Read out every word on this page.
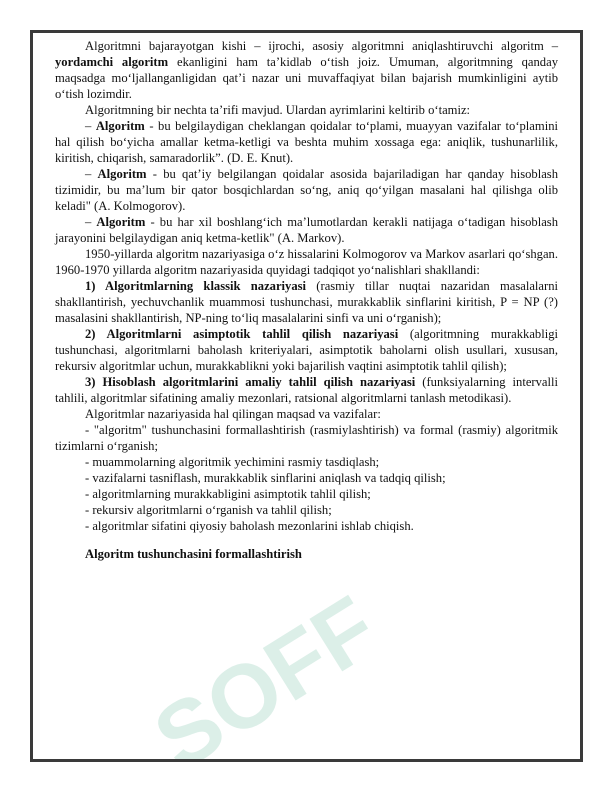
SOFF

Algoritmni bajarayotgan kishi – ijrochi, asosiy algoritmni aniqlashtiruvchi algoritm – yordamchi algoritm ekanligini ham ta’kidlab o‘tish joiz. Umuman, algoritmning qanday maqsadga mo‘ljallanganligidan qat’i nazar uni muvaffaqiyat bilan bajarish mumkinligini aytib o‘tish lozimdir.

Algoritmning bir nechta ta’rifi mavjud. Ulardan ayrimlarini keltirib o‘tamiz:

– Algoritm - bu belgilaydigan cheklangan qoidalar to‘plami, muayyan vazifalar to‘plamini hal qilish bo‘yicha amallar ketma-ketligi va beshta muhim xossaga ega: aniqlik, tushunarlilik, kiritish, chiqarish, samaradorlik”. (D. E. Knut).

– Algoritm - bu qat’iy belgilangan qoidalar asosida bajariladigan har qanday hisoblash tizimidir, bu ma’lum bir qator bosqichlardan so‘ng, aniq qo‘yilgan masalani hal qilishga olib keladi" (A. Kolmogorov).

– Algoritm - bu har xil boshlang‘ich ma’lumotlardan kerakli natijaga o‘tadigan hisoblash jarayonini belgilaydigan aniq ketma-ketlik" (A. Markov).

1950-yillarda algoritm nazariyasiga o‘z hissalarini Kolmogorov va Markov asarlari qo‘shgan. 1960-1970 yillarda algoritm nazariyasida quyidagi tadqiqot yo‘nalishlari shakllandi:

1) Algoritmlarning klassik nazariyasi (rasmiy tillar nuqtai nazaridan masalalarni shakllantirish, yechuvchanlik muammosi tushunchasi, murakkablik sinflarini kiritish, P = NP (?) masalasini shakllantirish, NP-ning to‘liq masalalarini sinfi va uni o‘rganish);

2) Algoritmlarni asimptotik tahlil qilish nazariyasi (algoritmning murakkabligi tushunchasi, algoritmlarni baholash kriteriyalari, asimptotik baholarni olish usullari, xususan, rekursiv algoritmlar uchun, murakkablikni yoki bajarilish vaqtini asimptotik tahlil qilish);

3) Hisoblash algoritmlarini amaliy tahlil qilish nazariyasi (funksiyalarning intervalli tahlili, algoritmlar sifatining amaliy mezonlari, ratsional algoritmlarni tanlash metodikasi).

Algoritmlar nazariyasida hal qilingan maqsad va vazifalar:

- "algoritm" tushunchasini formallashtirish (rasmiylashtirish) va formal (rasmiy) algoritmik tizimlarni o‘rganish;

- muammolarning algoritmik yechimini rasmiy tasdiqlash;

- vazifalarni tasniflash, murakkablik sinflarini aniqlash va tadqiq qilish;

- algoritmlarning murakkabligini asimptotik tahlil qilish;

- rekursiv algoritmlarni o‘rganish va tahlil qilish;

- algoritmlar sifatini qiyosiy baholash mezonlarini ishlab chiqish.

Algoritm tushunchasini formallashtirish
